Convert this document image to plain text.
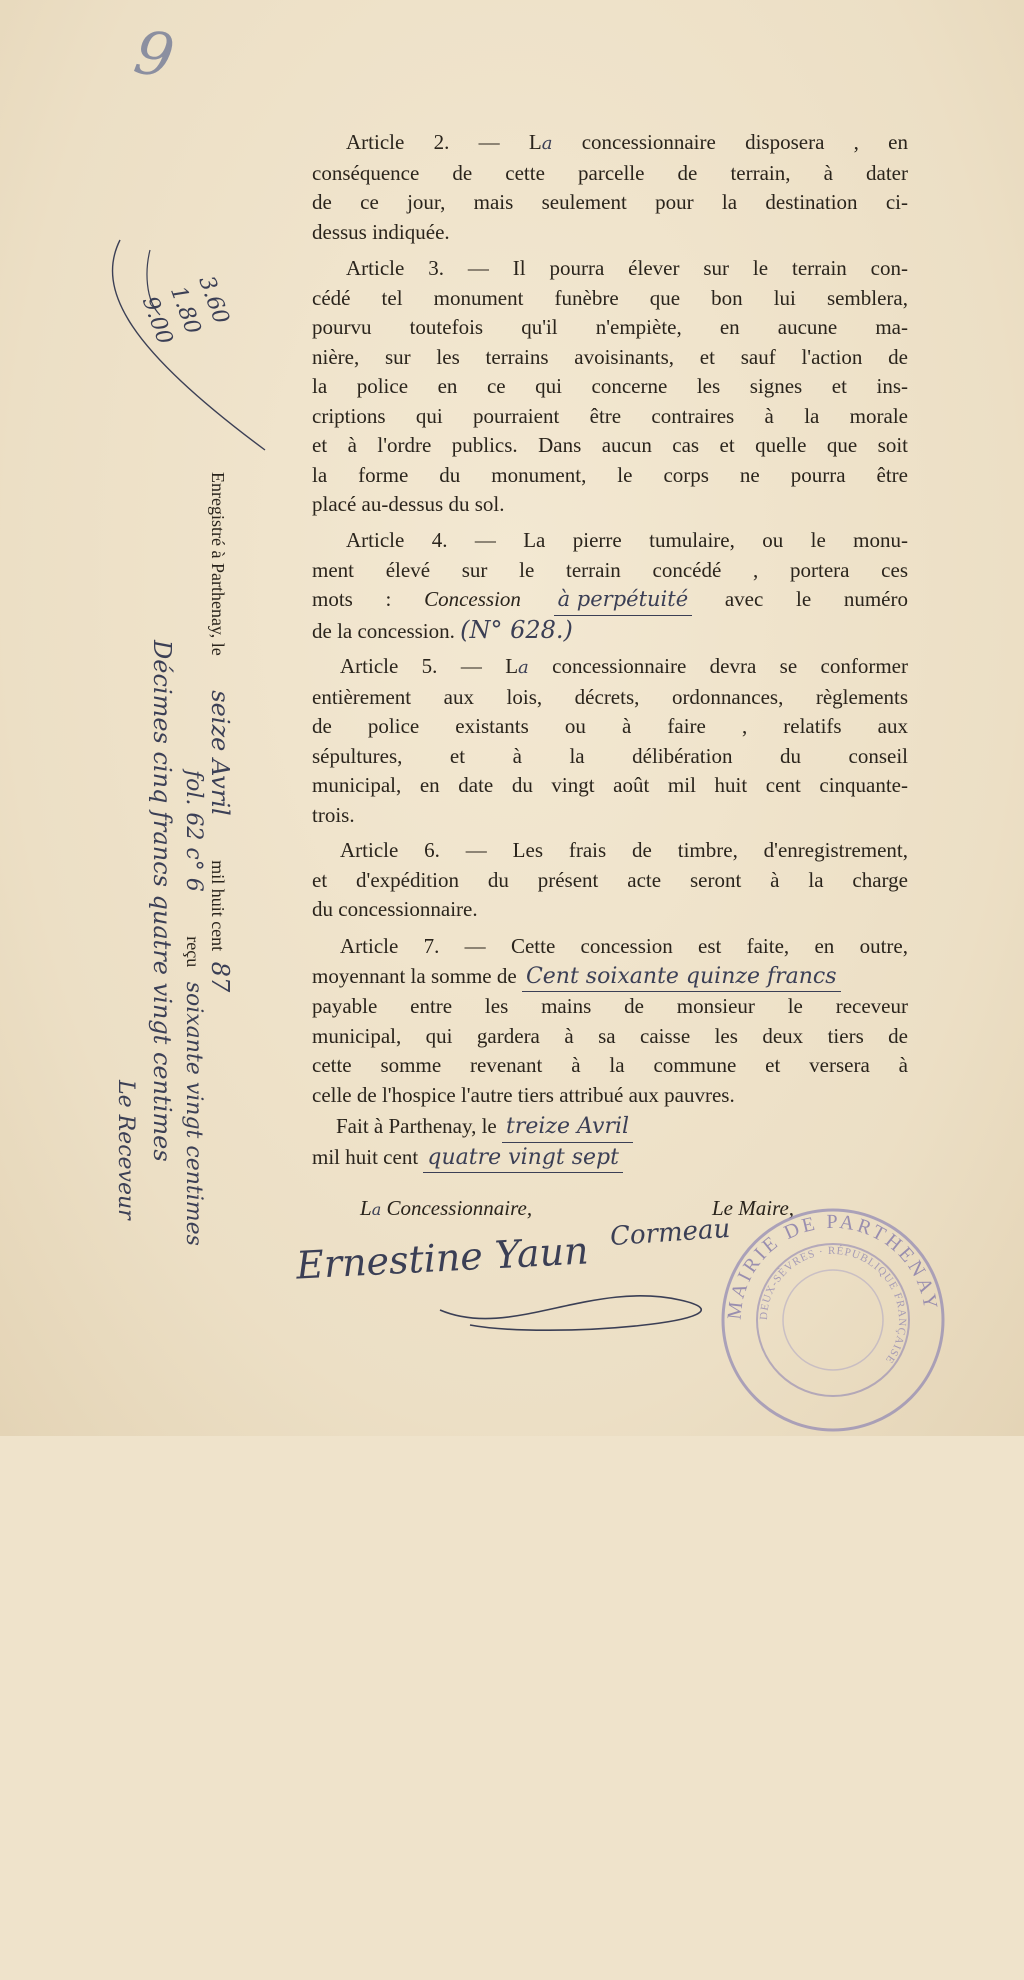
9
Article 2. — La concessionnaire disposera , en
conséquence de cette parcelle de terrain, à dater
de ce jour, mais seulement pour la destination ci-
dessus indiquée.
Article 3. — Il pourra élever sur le terrain con-
cédé tel monument funèbre que bon lui semblera,
pourvu toutefois qu'il n'empiète, en aucune ma-
nière, sur les terrains avoisinants, et sauf l'action de
la police en ce qui concerne les signes et ins-
criptions qui pourraient être contraires à la morale
et à l'ordre publics. Dans aucun cas et quelle que soit
la forme du monument, le corps ne pourra être
placé au-dessus du sol.
Article 4. — La pierre tumulaire, ou le monu-
ment élevé sur le terrain concédé , portera ces
mots : Concession à perpétuité avec le numéro
de la concession. (N° 628.)
Article 5. — La concessionnaire devra se conformer
entièrement aux lois, décrets, ordonnances, règlements
de police existants ou à faire , relatifs aux
sépultures, et à la délibération du conseil
municipal, en date du vingt août mil huit cent cinquante-
trois.
Article 6. — Les frais de timbre, d'enregistrement,
et d'expédition du présent acte seront à la charge
du concessionnaire.
Article 7. — Cette concession est faite, en outre,
moyennant la somme de Cent soixante quinze francs
payable entre les mains de monsieur le receveur
municipal, qui gardera à sa caisse les deux tiers de
cette somme revenant à la commune et versera à
celle de l'hospice l'autre tiers attribué aux pauvres.
Fait à Parthenay, le treize Avril
mil huit cent quatre vingt sept
La Concessionnaire,	Le Maire,
Ernestine Yaun Cormeau
MAIRIE DE PARTHENAY
DEUX-SÈVRES · RÉPUBLIQUE FRANÇAISE
3.60
1.80
9.00
Enregistré à Parthenay, le seize Avril mil huit cent 87
fol. 62 c° 6 reçu soixante vingt centimes
Décimes cinq francs quatre vingt centimes
Le Receveur
